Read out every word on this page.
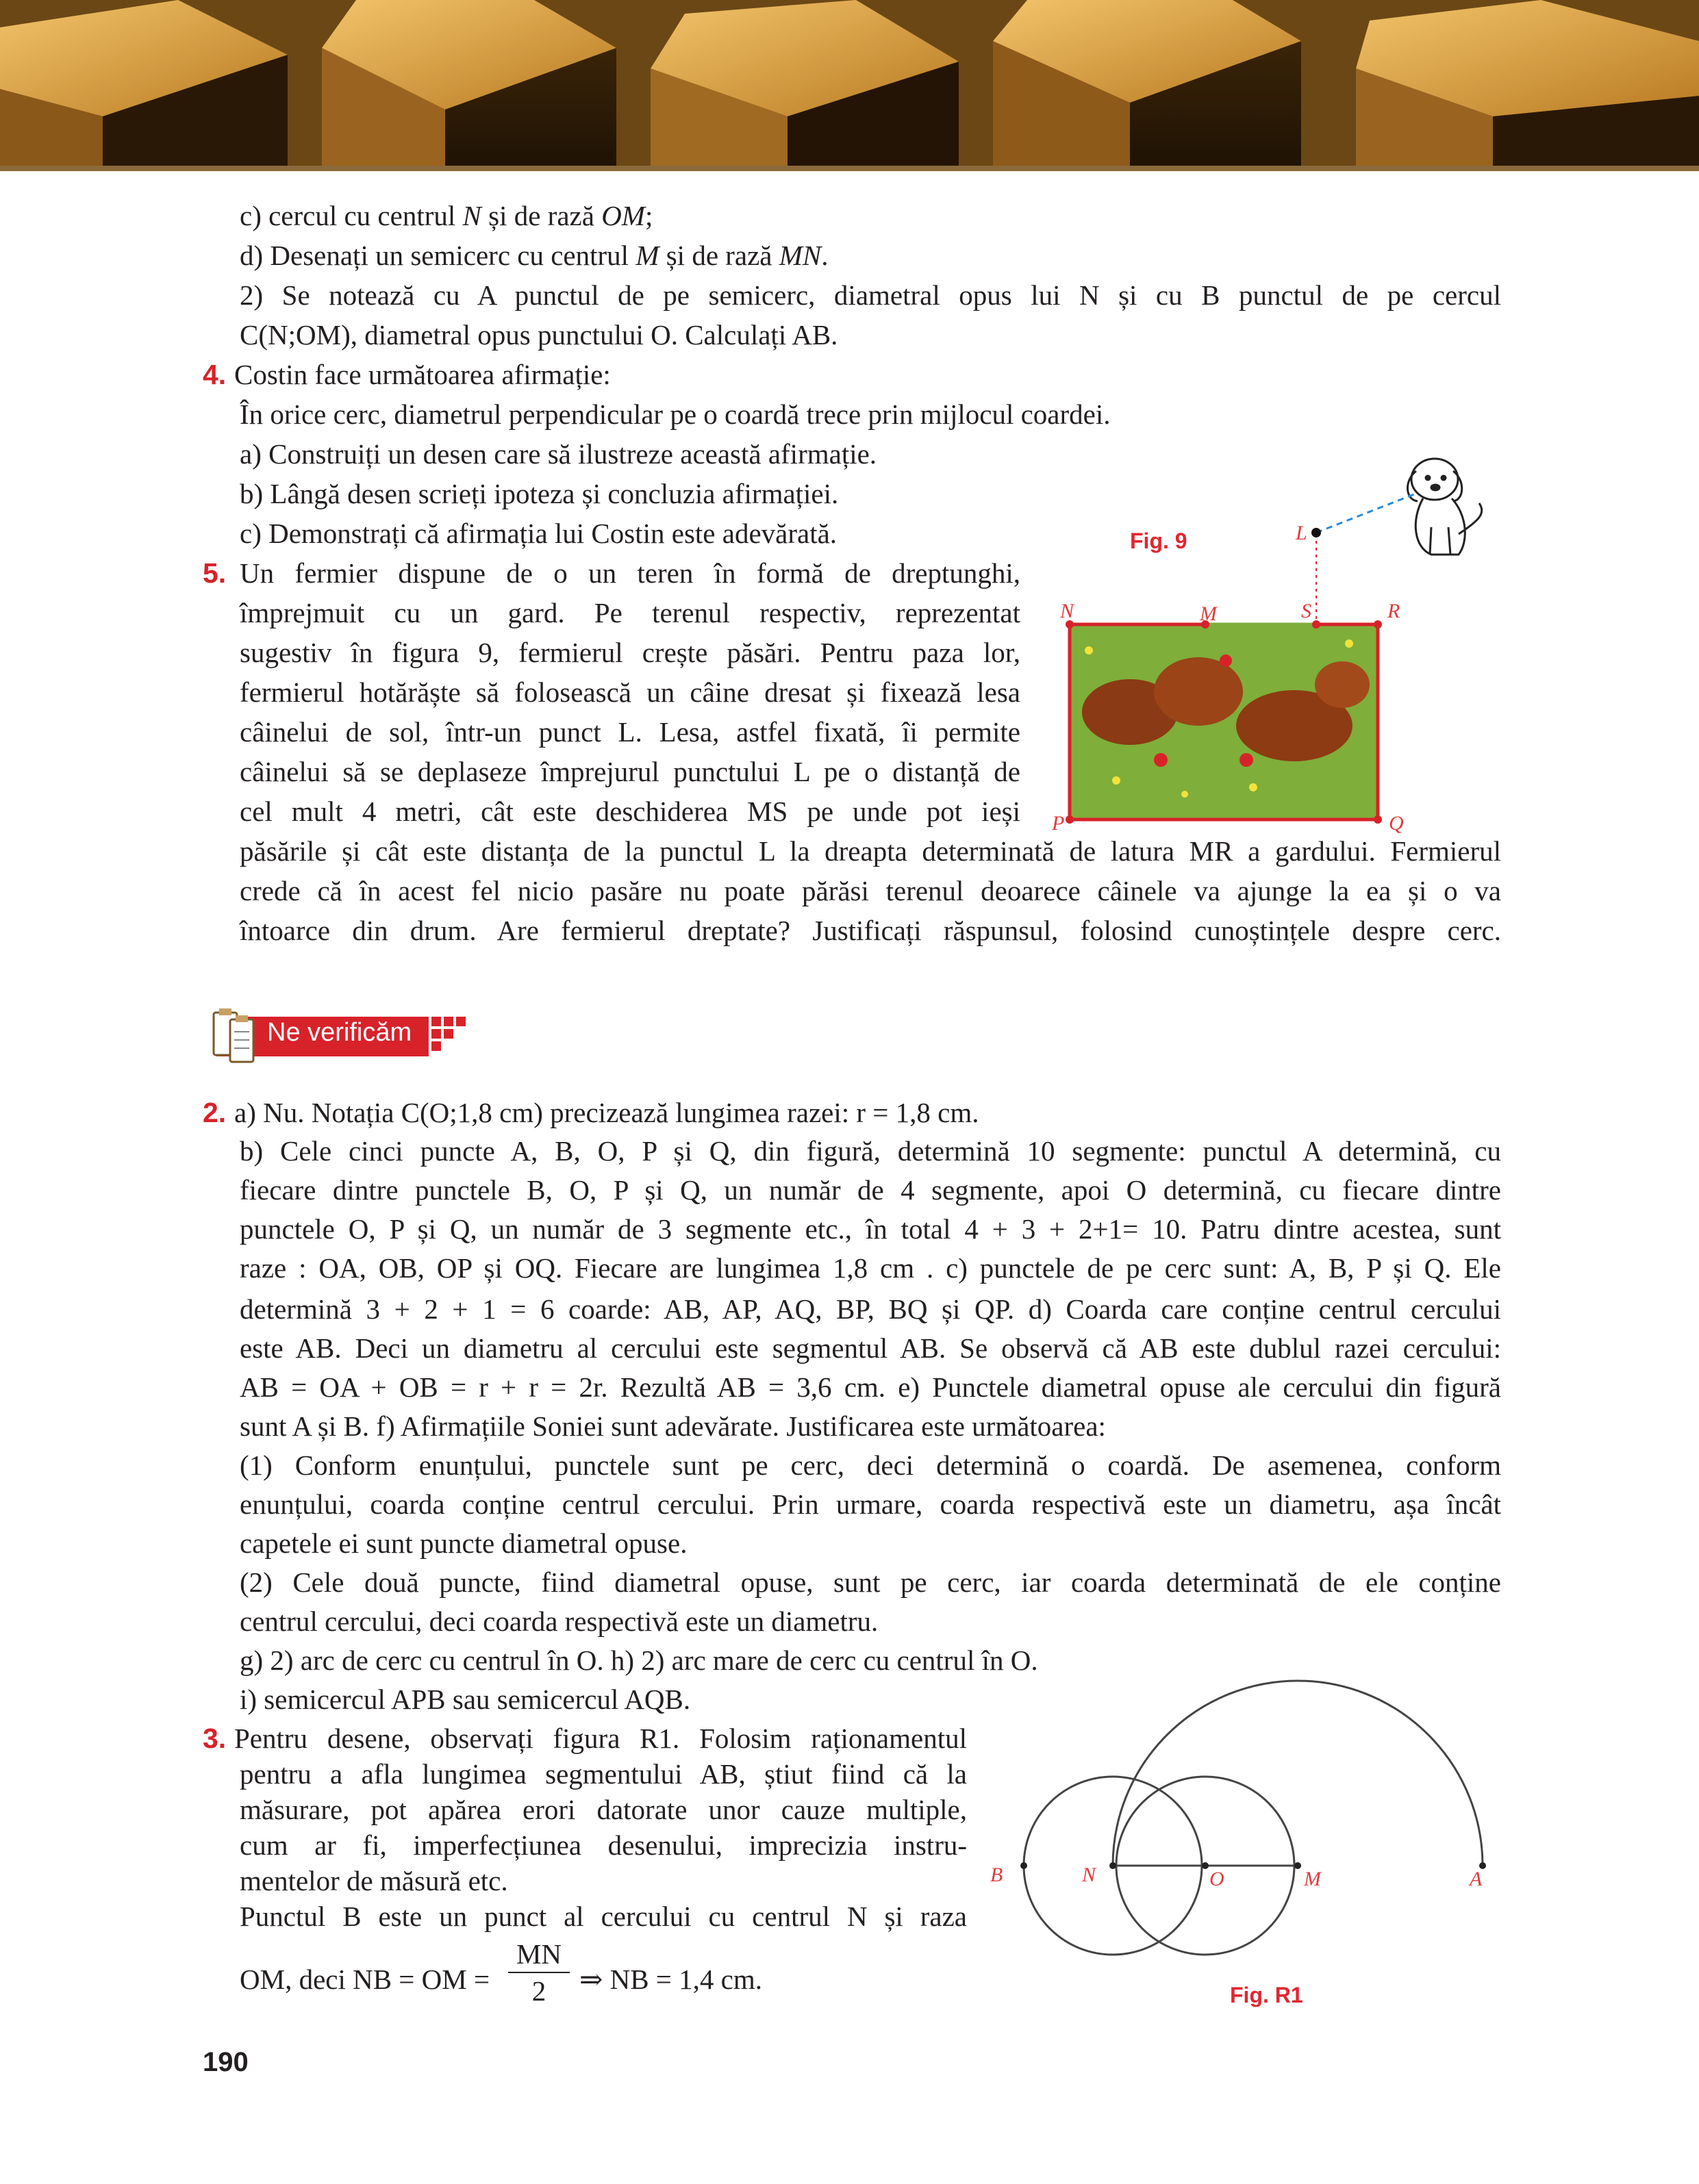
c) cercul cu centrul N și de rază OM;
d) Desenați un semicerc cu centrul M și de rază MN.
2) Se notează cu A punctul de pe semicerc, diametral opus lui N și cu B punctul de pe cercul
C(N;OM), diametral opus punctului O. Calculați AB.
4. Costin face următoarea afirmație:
În orice cerc, diametrul perpendicular pe o coardă trece prin mijlocul coardei.
a) Construiți un desen care să ilustreze această afirmație.
b) Lângă desen scrieți ipoteza și concluzia afirmației.
c) Demonstrați că afirmația lui Costin este adevărată.
5. Un fermier dispune de o un teren în formă de dreptunghi,
împrejmuit cu un gard. Pe terenul respectiv, reprezentat
sugestiv în figura 9, fermierul crește păsări. Pentru paza lor,
fermierul hotărăște să folosească un câine dresat și fixează lesa
câinelui de sol, într-un punct L. Lesa, astfel fixată, îi permite
câinelui să se deplaseze împrejurul punctului L pe o distanță de
cel mult 4 metri, cât este deschiderea MS pe unde pot ieși
păsările și cât este distanța de la punctul L la dreapta determinată de latura MR a gardului. Fermierul
crede că în acest fel nicio pasăre nu poate părăsi terenul deoarece câinele va ajunge la ea și o va
întoarce din drum. Are fermierul dreptate? Justificați răspunsul, folosind cunoștințele despre cerc.
Fig. 9	L
N	M	S	R
P	Q
Ne verificăm
2. a) Nu. Notația C(O;1,8 cm) precizează lungimea razei: r = 1,8 cm.
b) Cele cinci puncte A, B, O, P și Q, din figură, determină 10 segmente: punctul A determină, cu
fiecare dintre punctele B, O, P și Q, un număr de 4 segmente, apoi O determină, cu fiecare dintre
punctele O, P și Q, un număr de 3 segmente etc., în total 4 + 3 + 2+1= 10. Patru dintre acestea, sunt
raze : OA, OB, OP și OQ. Fiecare are lungimea 1,8 cm . c) punctele de pe cerc sunt: A, B, P și Q. Ele
determină 3 + 2 + 1 = 6 coarde: AB, AP, AQ, BP, BQ și QP. d) Coarda care conține centrul cercului
este AB. Deci un diametru al cercului este segmentul AB. Se observă că AB este dublul razei cercului:
AB = OA + OB = r + r = 2r. Rezultă AB = 3,6 cm. e) Punctele diametral opuse ale cercului din figură
sunt A și B. f) Afirmațiile Soniei sunt adevărate. Justificarea este următoarea:
(1) Conform enunțului, punctele sunt pe cerc, deci determină o coardă. De asemenea, conform
enunțului, coarda conține centrul cercului. Prin urmare, coarda respectivă este un diametru, așa încât
capetele ei sunt puncte diametral opuse.
(2) Cele două puncte, fiind diametral opuse, sunt pe cerc, iar coarda determinată de ele conține
centrul cercului, deci coarda respectivă este un diametru.
g) 2) arc de cerc cu centrul în O. h) 2) arc mare de cerc cu centrul în O.
i) semicercul APB sau semicercul AQB.
3. Pentru desene, observați figura R1. Folosim raționamentul
pentru a afla lungimea segmentului AB, știut fiind că la
măsurare, pot apărea erori datorate unor cauze multiple,
cum ar fi, imperfecțiunea desenului, imprecizia instru-
mentelor de măsură etc.
Punctul B este un punct al cercului cu centrul N și raza
OM, deci NB = OM = $\frac{MN}{2}$ ⇒ NB = 1,4 cm.
B	N	O	M	A
Fig. R1
190
